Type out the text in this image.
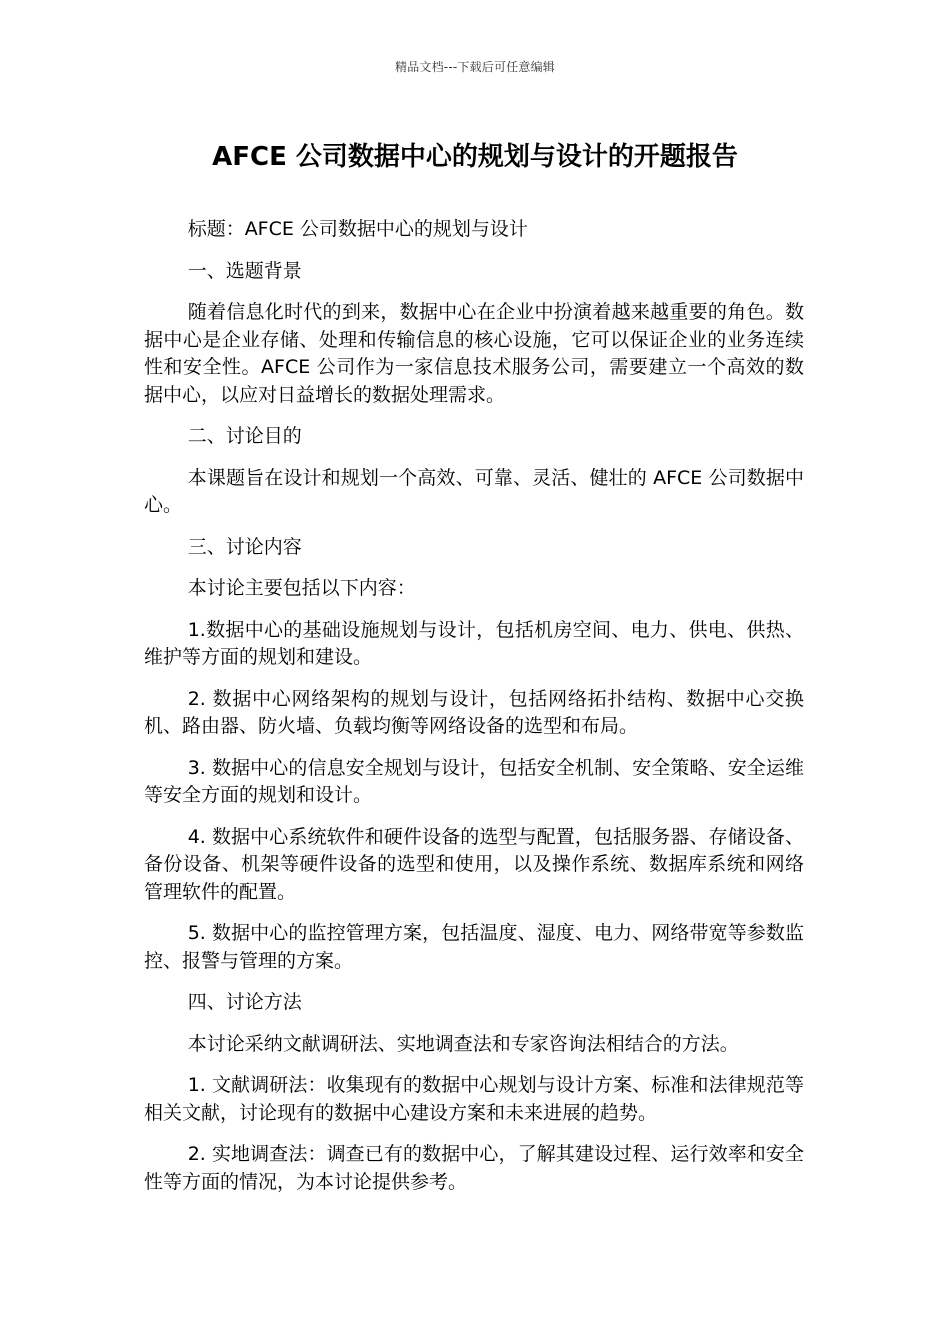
精品文档---下载后可任意编辑
AFCE 公司数据中心的规划与设计的开题报告

标题：AFCE 公司数据中心的规划与设计

一、选题背景

随着信息化时代的到来，数据中心在企业中扮演着越来越重要的角色。数据中心是企业存储、处理和传输信息的核心设施，它可以保证企业的业务连续性和安全性。AFCE 公司作为一家信息技术服务公司，需要建立一个高效的数据中心，以应对日益增长的数据处理需求。

二、讨论目的

本课题旨在设计和规划一个高效、可靠、灵活、健壮的 AFCE 公司数据中心。

三、讨论内容

本讨论主要包括以下内容：

1.数据中心的基础设施规划与设计，包括机房空间、电力、供电、供热、维护等方面的规划和建设。

2. 数据中心网络架构的规划与设计，包括网络拓扑结构、数据中心交换机、路由器、防火墙、负载均衡等网络设备的选型和布局。

3. 数据中心的信息安全规划与设计，包括安全机制、安全策略、安全运维等安全方面的规划和设计。

4. 数据中心系统软件和硬件设备的选型与配置，包括服务器、存储设备、备份设备、机架等硬件设备的选型和使用，以及操作系统、数据库系统和网络管理软件的配置。

5. 数据中心的监控管理方案，包括温度、湿度、电力、网络带宽等参数监控、报警与管理的方案。

四、讨论方法

本讨论采纳文献调研法、实地调查法和专家咨询法相结合的方法。

1. 文献调研法：收集现有的数据中心规划与设计方案、标准和法律规范等相关文献，讨论现有的数据中心建设方案和未来进展的趋势。

2. 实地调查法：调查已有的数据中心，了解其建设过程、运行效率和安全性等方面的情况，为本讨论提供参考。
